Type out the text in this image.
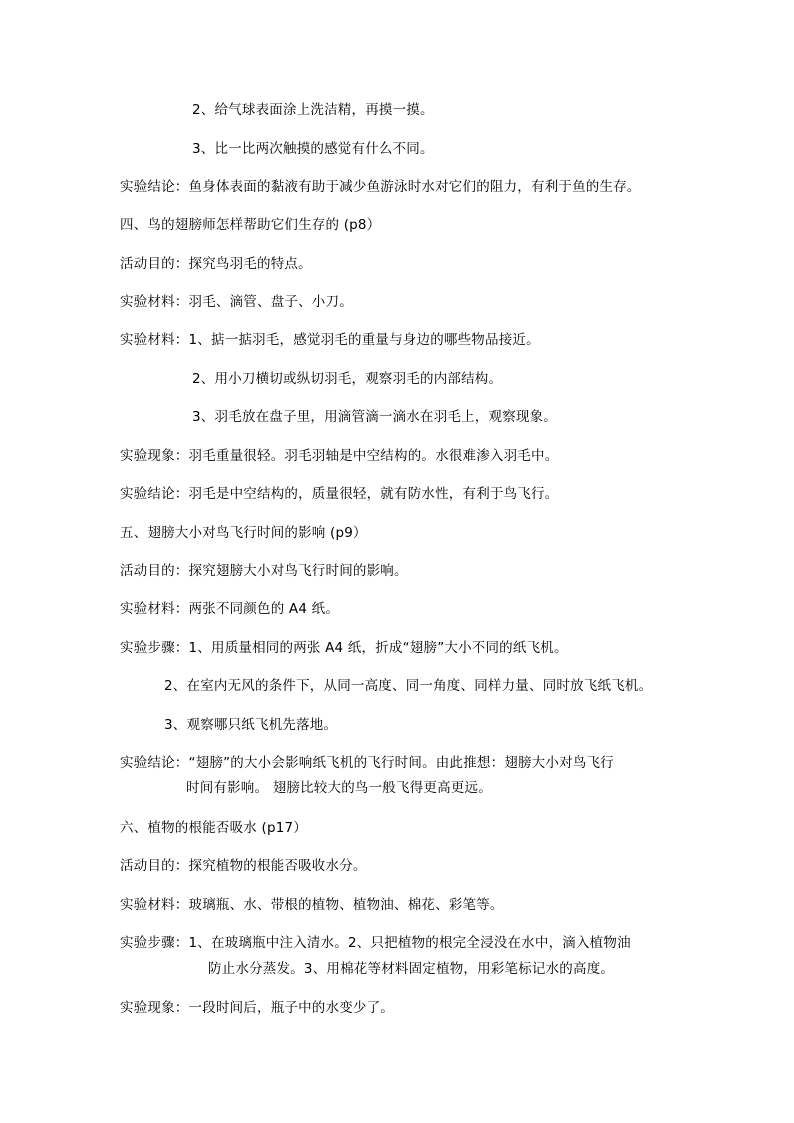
2、给气球表面涂上洗洁精，再摸一摸。
3、比一比两次触摸的感觉有什么不同。
实验结论：鱼身体表面的黏液有助于减少鱼游泳时水对它们的阻力，有利于鱼的生存。
四、鸟的翅膀师怎样帮助它们生存的 (p8）
活动目的：探究鸟羽毛的特点。
实验材料：羽毛、滴管、盘子、小刀。
实验材料：1、掂一掂羽毛，感觉羽毛的重量与身边的哪些物品接近。
2、用小刀横切或纵切羽毛，观察羽毛的内部结构。
3、羽毛放在盘子里，用滴管滴一滴水在羽毛上，观察现象。
实验现象：羽毛重量很轻。羽毛羽轴是中空结构的。水很难渗入羽毛中。
实验结论：羽毛是中空结构的，质量很轻，就有防水性，有利于鸟飞行。
五、翅膀大小对鸟飞行时间的影响 (p9）
活动目的：探究翅膀大小对鸟飞行时间的影响。
实验材料：两张不同颜色的 A4 纸。
实验步骤：1、用质量相同的两张 A4 纸，折成“翅膀”大小不同的纸飞机。
2、在室内无风的条件下，从同一高度、同一角度、同样力量、同时放飞纸飞机。
3、观察哪只纸飞机先落地。
实验结论：“翅膀”的大小会影响纸飞机的飞行时间。由此推想：翅膀大小对鸟飞行
时间有影响。 翅膀比较大的鸟一般飞得更高更远。
六、植物的根能否吸水 (p17）
活动目的：探究植物的根能否吸收水分。
实验材料：玻璃瓶、水、带根的植物、植物油、棉花、彩笔等。
实验步骤：1、在玻璃瓶中注入清水。2、只把植物的根完全浸没在水中，滴入植物油
防止水分蒸发。3、用棉花等材料固定植物，用彩笔标记水的高度。
实验现象：一段时间后，瓶子中的水变少了。
